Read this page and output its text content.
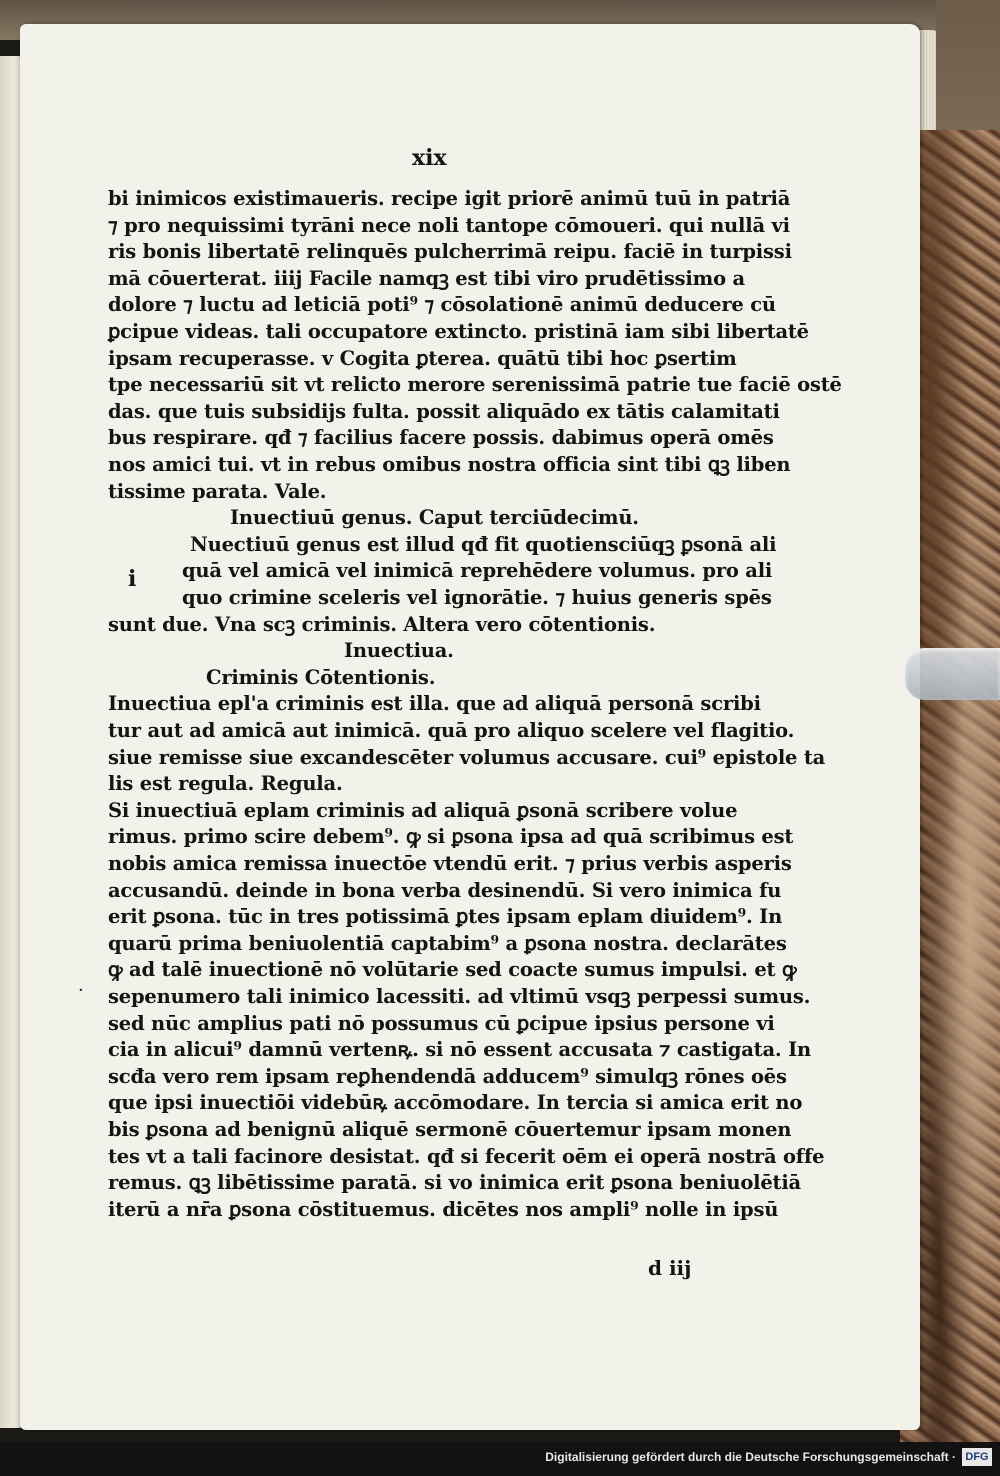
xix
i
·
bi inimicos existimaueris. recipe igit priorē animū tuū in patriā
⁊ pro nequissimi tyrāni nece noli tantope cōmoueri. qui nullā vi
ris bonis libertatē relinquēs pulcherrimā reipu. faciē in turpissi
mā cōuerterat. iiij Facile namqꝫ est tibi viro prudētissimo a
dolore ⁊ luctu ad leticiā poti⁹ ⁊ cōsolationē animū deducere cū
ꝑcipue videas. tali occupatore extincto. pristinā iam sibi libertatē
ipsam recuperasse. v Cogita ꝑterea. quātū tibi hoc ꝑsertim
tpe necessariū sit vt relicto merore serenissimā patrie tue faciē ostē
das. que tuis subsidijs fulta. possit aliquādo ex tātis calamitati
bus respirare. qđ ⁊ facilius facere possis. dabimus operā omēs
nos amici tui. vt in rebus omibus nostra officia sint tibi ꝗꝫ liben
tissime parata. Vale.
Inuectiuū genus. Caput terciūdecimū.
Nuectiuū genus est illud qđ fit quotiensciūqꝫ ꝑsonā ali
quā vel amicā vel inimicā reprehēdere volumus. pro ali
quo crimine sceleris vel ignorātie. ⁊ huius generis spēs
sunt due. Vna scꝫ criminis. Altera vero cōtentionis.
Inuectiua.
Criminis Cōtentionis.
Inuectiua epl'a criminis est illa. que ad aliquā personā scribi
tur aut ad amicā aut inimicā. quā pro aliquo scelere vel flagitio.
siue remisse siue excandescēter volumus accusare. cui⁹ epistole ta
lis est regula. Regula.
Si inuectiuā eplam criminis ad aliquā ꝑsonā scribere volue
rimus. primo scire debem⁹. ꝙ si ꝑsona ipsa ad quā scribimus est
nobis amica remissa inuectōe vtendū erit. ⁊ prius verbis asperis
accusandū. deinde in bona verba desinendū. Si vero inimica fu
erit ꝑsona. tūc in tres potissimā ꝑtes ipsam eplam diuidem⁹. In
quarū prima beniuolentiā captabim⁹ a ꝑsona nostra. declarātes
ꝙ ad talē inuectionē nō volūtarie sed coacte sumus impulsi. et ꝙ
sepenumero tali inimico lacessiti. ad vltimū vsqꝫ perpessi sumus.
sed nūc amplius pati nō possumus cū ꝑcipue ipsius persone vi
cia in alicui⁹ damnū vertenꝶ. si nō essent accusata ⁊ castigata. In
scđa vero rem ipsam reꝑhendendā adducem⁹ simulqꝫ rōnes oēs
que ipsi inuectiōi videbūꝶ accōmodare. In tercia si amica erit no
bis ꝑsona ad benignū aliquē sermonē cōuertemur ipsam monen
tes vt a tali facinore desistat. qđ si fecerit oēm ei operā nostrā offe
remus. ꝗꝫ libētissime paratā. si vo inimica erit ꝑsona beniuolētiā
iterū a nr̄a ꝑsona cōstituemus. dicētes nos ampli⁹ nolle in ipsū
d iij
Digitalisierung gefördert durch die Deutsche Forschungsgemeinschaft · DFG
